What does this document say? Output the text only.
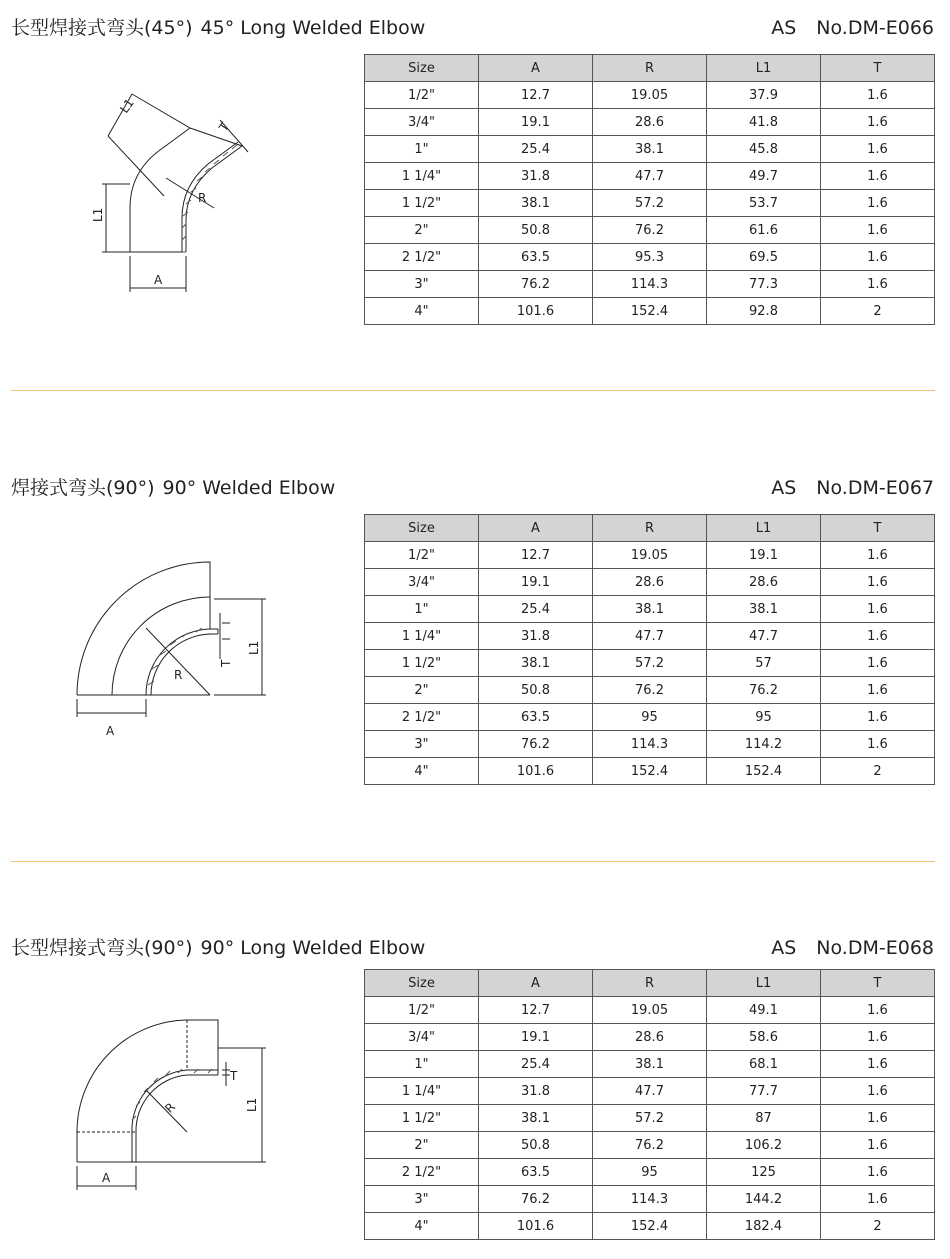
长型焊接式弯头(45°) 45° Long Welded Elbow	AS No.DM-E066
Size	A	R	L1	T
1/2"	12.7	19.05	37.9	1.6
3/4"	19.1	28.6	41.8	1.6
1"	25.4	38.1	45.8	1.6
1 1/4"	31.8	47.7	49.7	1.6
1 1/2"	38.1	57.2	53.7	1.6
2"	50.8	76.2	61.6	1.6
2 1/2"	63.5	95.3	69.5	1.6
3"	76.2	114.3	77.3	1.6
4"	101.6	152.4	92.8	2
L1
A
L1
R
T
焊接式弯头(90°) 90° Welded Elbow	AS No.DM-E067
Size	A	R	L1	T
1/2"	12.7	19.05	19.1	1.6
3/4"	19.1	28.6	28.6	1.6
1"	25.4	38.1	38.1	1.6
1 1/4"	31.8	47.7	47.7	1.6
1 1/2"	38.1	57.2	57	1.6
2"	50.8	76.2	76.2	1.6
2 1/2"	63.5	95	95	1.6
3"	76.2	114.3	114.2	1.6
4"	101.6	152.4	152.4	2
R
L1
T
A
长型焊接式弯头(90°) 90° Long Welded Elbow	AS No.DM-E068
Size	A	R	L1	T
1/2"	12.7	19.05	49.1	1.6
3/4"	19.1	28.6	58.6	1.6
1"	25.4	38.1	68.1	1.6
1 1/4"	31.8	47.7	77.7	1.6
1 1/2"	38.1	57.2	87	1.6
2"	50.8	76.2	106.2	1.6
2 1/2"	63.5	95	125	1.6
3"	76.2	114.3	144.2	1.6
4"	101.6	152.4	182.4	2
R	L1
T
A
